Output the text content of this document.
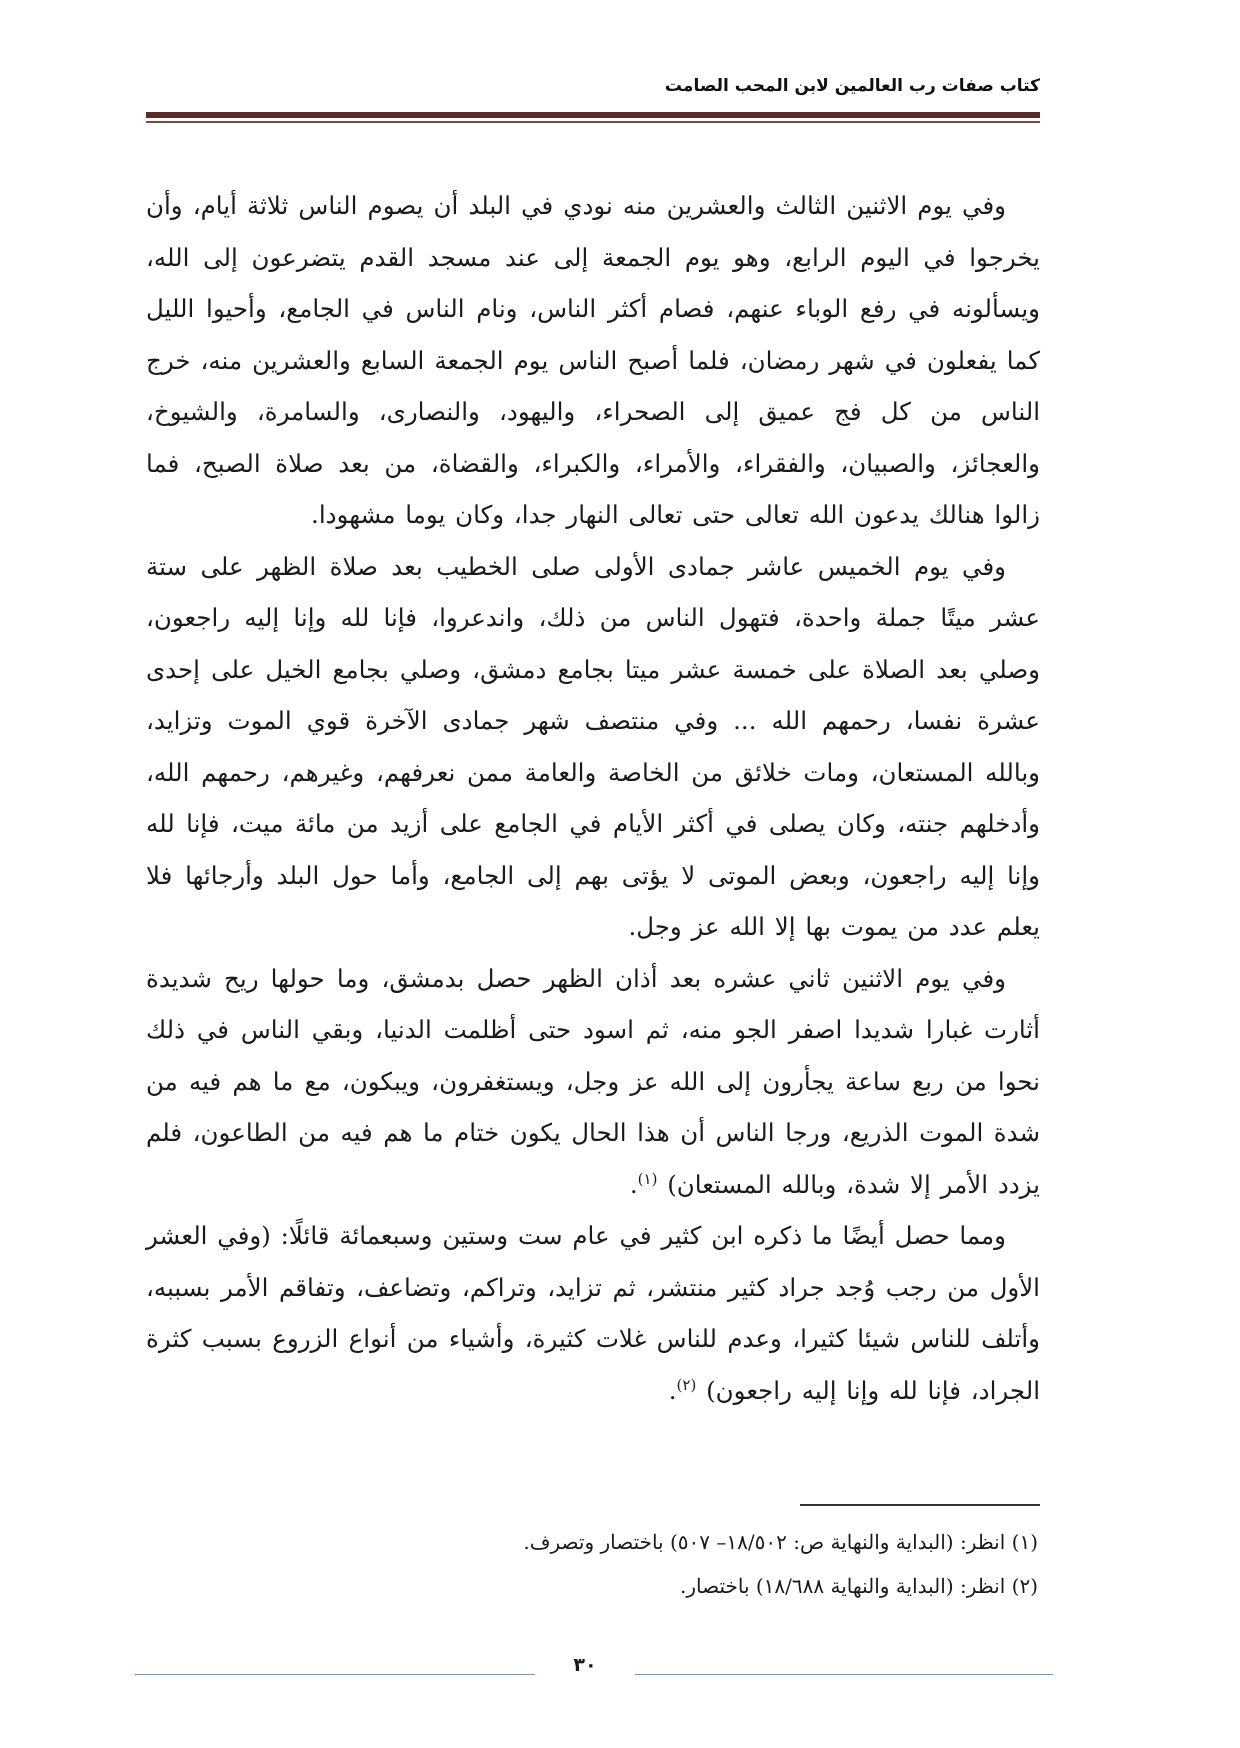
كتاب صفات رب العالمين لابن المحب الصامت

وفي يوم الاثنين الثالث والعشرين منه نودي في البلد أن يصوم الناس ثلاثة أيام، وأن يخرجوا في اليوم الرابع، وهو يوم الجمعة إلى عند مسجد القدم يتضرعون إلى الله، ويسألونه في رفع الوباء عنهم، فصام أكثر الناس، ونام الناس في الجامع، وأحيوا الليل كما يفعلون في شهر رمضان، فلما أصبح الناس يوم الجمعة السابع والعشرين منه، خرج الناس من كل فج عميق إلى الصحراء، واليهود، والنصارى، والسامرة، والشيوخ، والعجائز، والصبيان، والفقراء، والأمراء، والكبراء، والقضاة، من بعد صلاة الصبح، فما زالوا هنالك يدعون الله تعالى حتى تعالى النهار جدا، وكان يوما مشهودا.

وفي يوم الخميس عاشر جمادى الأولى صلى الخطيب بعد صلاة الظهر على ستة عشر ميتًا جملة واحدة، فتهول الناس من ذلك، واندعروا، فإنا لله وإنا إليه راجعون، وصلي بعد الصلاة على خمسة عشر ميتا بجامع دمشق، وصلي بجامع الخيل على إحدى عشرة نفسا، رحمهم الله ... وفي منتصف شهر جمادى الآخرة قوي الموت وتزايد، وبالله المستعان، ومات خلائق من الخاصة والعامة ممن نعرفهم، وغيرهم، رحمهم الله، وأدخلهم جنته، وكان يصلى في أكثر الأيام في الجامع على أزيد من مائة ميت، فإنا لله وإنا إليه راجعون، وبعض الموتى لا يؤتى بهم إلى الجامع، وأما حول البلد وأرجائها فلا يعلم عدد من يموت بها إلا الله عز وجل.

وفي يوم الاثنين ثاني عشره بعد أذان الظهر حصل بدمشق، وما حولها ريح شديدة أثارت غبارا شديدا اصفر الجو منه، ثم اسود حتى أظلمت الدنيا، وبقي الناس في ذلك نحوا من ربع ساعة يجأرون إلى الله عز وجل، ويستغفرون، ويبكون، مع ما هم فيه من شدة الموت الذريع، ورجا الناس أن هذا الحال يكون ختام ما هم فيه من الطاعون، فلم يزدد الأمر إلا شدة، وبالله المستعان) $^{(١)}$.

ومما حصل أيضًا ما ذكره ابن كثير في عام ست وستين وسبعمائة قائلًا: (وفي العشر الأول من رجب وُجد جراد كثير منتشر، ثم تزايد، وتراكم، وتضاعف، وتفاقم الأمر بسببه، وأتلف للناس شيئا كثيرا، وعدم للناس غلات كثيرة، وأشياء من أنواع الزروع بسبب كثرة الجراد، فإنا لله وإنا إليه راجعون) $^{(٢)}$.

(١) انظر: (البداية والنهاية ص: ١٨/٥٠٢– ٥٠٧) باختصار وتصرف.

(٢) انظر: (البداية والنهاية ١٨/٦٨٨) باختصار.

٣٠
